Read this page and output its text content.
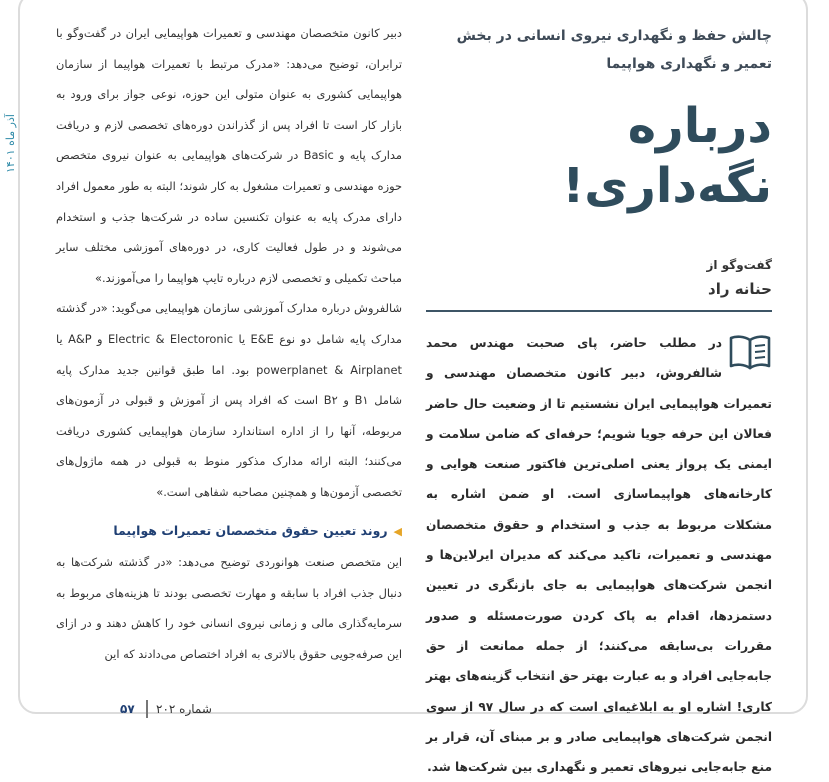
آذر ماه ۱۴۰۱

دبیر کانون متخصصان مهندسی و تعمیرات هواپیمایی ایران در گفت‌وگو با ترابران، توضیح می‌دهد: «مدرک مرتبط با تعمیرات هواپیما از سازمان هواپیمایی کشوری به عنوان متولی این حوزه، نوعی جواز برای ورود به بازار کار است تا افراد پس از گذراندن دوره‌های تخصصی لازم و دریافت مدارک پایه و Basic در شرکت‌های هواپیمایی به عنوان نیروی متخصص حوزه مهندسی و تعمیرات مشغول به کار شوند؛ البته به طور معمول افراد دارای مدرک پایه به عنوان تکنسین ساده در شرکت‌ها جذب و استخدام می‌شوند و در طول فعالیت کاری، در دوره‌های آموزشی مختلف سایر مباحث تکمیلی و تخصصی لازم درباره تایپ هواپیما را می‌آموزند.»

شالفروش درباره مدارک آموزشی سازمان هواپیمایی می‌گوید: «در گذشته مدارک پایه شامل دو نوع E&E یا Electric & Electoronic و A&P یا powerplanet & Airplanet بود. اما طبق قوانین جدید مدارک پایه شامل B۱ و B۲ است که افراد پس از آموزش و قبولی در آزمون‌های مربوطه، آنها را از اداره استاندارد سازمان هواپیمایی کشوری دریافت می‌کنند؛ البته ارائه مدارک مذکور منوط به قبولی در همه ماژول‌های تخصصی آزمون‌ها و همچنین مصاحبه شفاهی است.»

◀روند تعیین حقوق متخصصان تعمیرات هواپیما

این متخصص صنعت هوانوردی توضیح می‌دهد: «در گذشته شرکت‌ها به دنبال جذب افراد با سابقه و مهارت تخصصی بودند تا هزینه‌های مربوط به سرمایه‌گذاری مالی و زمانی نیروی انسانی خود را کاهش دهند و در ازای این صرفه‌جویی حقوق بالاتری به افراد اختصاص می‌دادند که این

چالش حفظ و نگهداری نیروی انسانی در بخش تعمیر و نگهداری هواپیما
درباره نگه‌داری!
گفت‌وگو از
حنانه راد
در مطلب حاضر، پای صحبت مهندس محمد شالفروش، دبیر کانون متخصصان مهندسی و تعمیرات هواپیمایی ایران نشستیم تا از وضعیت حال حاضر فعالان این حرفه جویا شویم؛ حرفه‌ای که ضامن سلامت و ایمنی یک پرواز یعنی اصلی‌ترین فاکتور صنعت هوایی و کارخانه‌های هواپیماسازی است. او ضمن اشاره به مشکلات مربوط به جذب و استخدام و حقوق متخصصان مهندسی و تعمیرات، تاکید می‌کند که مدیران ایرلاین‌ها و انجمن شرکت‌های هواپیمایی به جای بازنگری در تعیین دستمزدها، اقدام به پاک کردن صورت‌مسئله و صدور مقررات بی‌سابقه می‌کنند؛ از جمله ممانعت از حق جابه‌جایی افراد و به عبارت بهتر حق انتخاب گزینه‌های بهتر کاری! اشاره او به ابلاغیه‌ای است که در سال ۹۷ از سوی انجمن شرکت‌های هواپیمایی صادر و بر مبنای آن، قرار بر منع جابه‌جایی نیروهای تعمیر و نگهداری بین شرکت‌ها شد.
شماره ۲۰۲
۵۷
